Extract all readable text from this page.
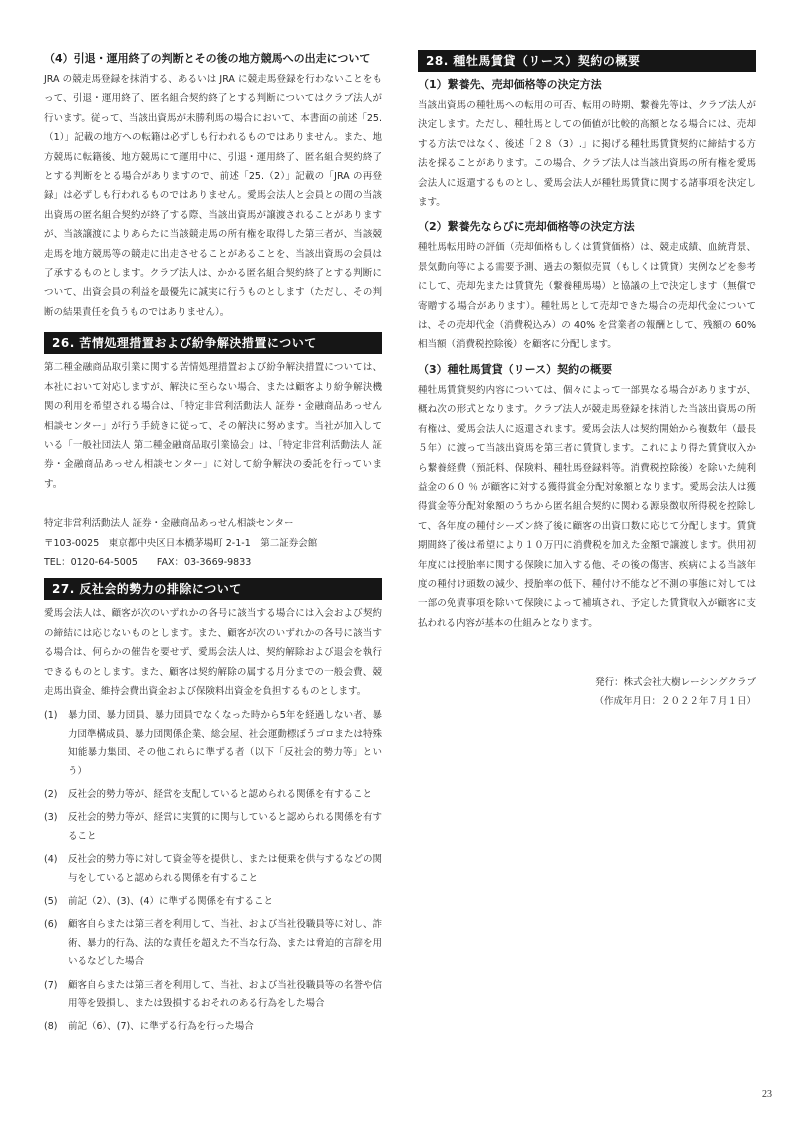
（4）引退・運用終了の判断とその後の地方競馬への出走について

JRA の競走馬登録を抹消する、あるいは JRA に競走馬登録を行わないことをもって、引退・運用終了、匿名組合契約終了とする判断についてはクラブ法人が行います。従って、当該出資馬が未勝利馬の場合において、本書面の前述「25.（1）」記載の地方への転籍は必ずしも行われるものではありません。また、地方競馬に転籍後、地方競馬にて運用中に、引退・運用終了、匿名組合契約終了とする判断をとる場合がありますので、前述「25.（2）」記載の「JRA の再登録」は必ずしも行われるものではありません。愛馬会法人と会員との間の当該出資馬の匿名組合契約が終了する際、当該出資馬が譲渡されることがありますが、当該譲渡によりあらたに当該競走馬の所有権を取得した第三者が、当該競走馬を地方競馬等の競走に出走させることがあることを、当該出資馬の会員は了承するものとします。クラブ法人は、かかる匿名組合契約終了とする判断について、出資会員の利益を最優先に誠実に行うものとします（ただし、その判断の結果責任を負うものではありません）。

26. 苦情処理措置および紛争解決措置について

第二種金融商品取引業に関する苦情処理措置および紛争解決措置については、本社において対応しますが、解決に至らない場合、または顧客より紛争解決機関の利用を希望される場合は、「特定非営利活動法人 証券・金融商品あっせん相談センター」が行う手続きに従って、その解決に努めます。当社が加入している「一般社団法人 第二種金融商品取引業協会」は、「特定非営利活動法人 証券・金融商品あっせん相談センター」に対して紛争解決の委託を行っています。

特定非営利活動法人 証券・金融商品あっせん相談センター

〒103-0025　東京都中央区日本橋茅場町 2-1-1　第二証券会館

TEL：0120-64-5005　　FAX：03-3669-9833

27. 反社会的勢力の排除について

愛馬会法人は、顧客が次のいずれかの各号に該当する場合には入会および契約の締結には応じないものとします。また、顧客が次のいずれかの各号に該当する場合は、何らかの催告を要せず、愛馬会法人は、契約解除および退会を執行できるものとします。また、顧客は契約解除の属する月分までの一般会費、競走馬出資金、維持会費出資金および保険料出資金を負担するものとします。

(1) 暴力団、暴力団員、暴力団員でなくなった時から5年を経過しない者、暴力団準構成員、暴力団関係企業、総会屋、社会運動標ぼうゴロまたは特殊知能暴力集団、その他これらに準ずる者（以下「反社会的勢力等」という）
(2) 反社会的勢力等が、経営を支配していると認められる関係を有すること
(3) 反社会的勢力等が、経営に実質的に関与していると認められる関係を有すること
(4) 反社会的勢力等に対して資金等を提供し、または便乗を供与するなどの関与をしていると認められる関係を有すること
(5) 前記（2）、(3)、(4）に準ずる関係を有すること
(6) 顧客自らまたは第三者を利用して、当社、および当社役職員等に対し、詐術、暴力的行為、法的な責任を超えた不当な行為、または脅迫的言辞を用いるなどした場合
(7) 顧客自らまたは第三者を利用して、当社、および当社役職員等の名誉や信用等を毀損し、または毀損するおそれのある行為をした場合
(8) 前記（6）、(7)、に準ずる行為を行った場合
28. 種牡馬賃貸（リース）契約の概要
（1）繋養先、売却価格等の決定方法

当該出資馬の種牡馬への転用の可否、転用の時期、繋養先等は、クラブ法人が決定します。ただし、種牡馬としての価値が比較的高額となる場合には、売却する方法ではなく、後述「２８（3）.」に掲げる種牡馬賃貸契約に締結する方法を採ることがあります。この場合、クラブ法人は当該出資馬の所有権を愛馬会法人に返還するものとし、愛馬会法人が種牡馬賃貸に関する諸事項を決定します。

（2）繋養先ならびに売却価格等の決定方法

種牡馬転用時の評価（売却価格もしくは賃貸価格）は、競走成績、血統背景、景気動向等による需要予測、過去の類似売買（もしくは賃貸）実例などを参考にして、売却先または賃貸先（繋養種馬場）と協議の上で決定します（無償で寄贈する場合があります）。種牡馬として売却できた場合の売却代金については、その売却代金（消費税込み）の 40% を営業者の報酬として、残額の 60% 相当額（消費税控除後）を顧客に分配します。

（3）種牡馬賃貸（リース）契約の概要

種牡馬賃貸契約内容については、個々によって一部異なる場合がありますが、概ね次の形式となります。クラブ法人が競走馬登録を抹消した当該出資馬の所有権は、愛馬会法人に返還されます。愛馬会法人は契約開始から複数年（最長５年）に渡って当該出資馬を第三者に賃貸します。これにより得た賃貸収入から繋養経費（預託料、保険料、種牡馬登録料等。消費税控除後）を除いた純利益金の６０ ％ が顧客に対する獲得賞金分配対象額となります。愛馬会法人は獲得賞金等分配対象額のうちから匿名組合契約に関わる源泉徴収所得税を控除して、各年度の種付シーズン終了後に顧客の出資口数に応じて分配します。賃貸期間終了後は希望により１０万円に消費税を加えた金額で譲渡します。供用初年度には授胎率に関する保険に加入する他、その後の傷害、疾病による当該年度の種付け頭数の減少、授胎率の低下、種付け不能など不測の事態に対しては一部の免責事項を除いて保険によって補填され、予定した賃貸収入が顧客に支払われる内容が基本の仕組みとなります。

発行：株式会社大樹レーシングクラブ
（作成年月日：２０２２年７月１日）
23
